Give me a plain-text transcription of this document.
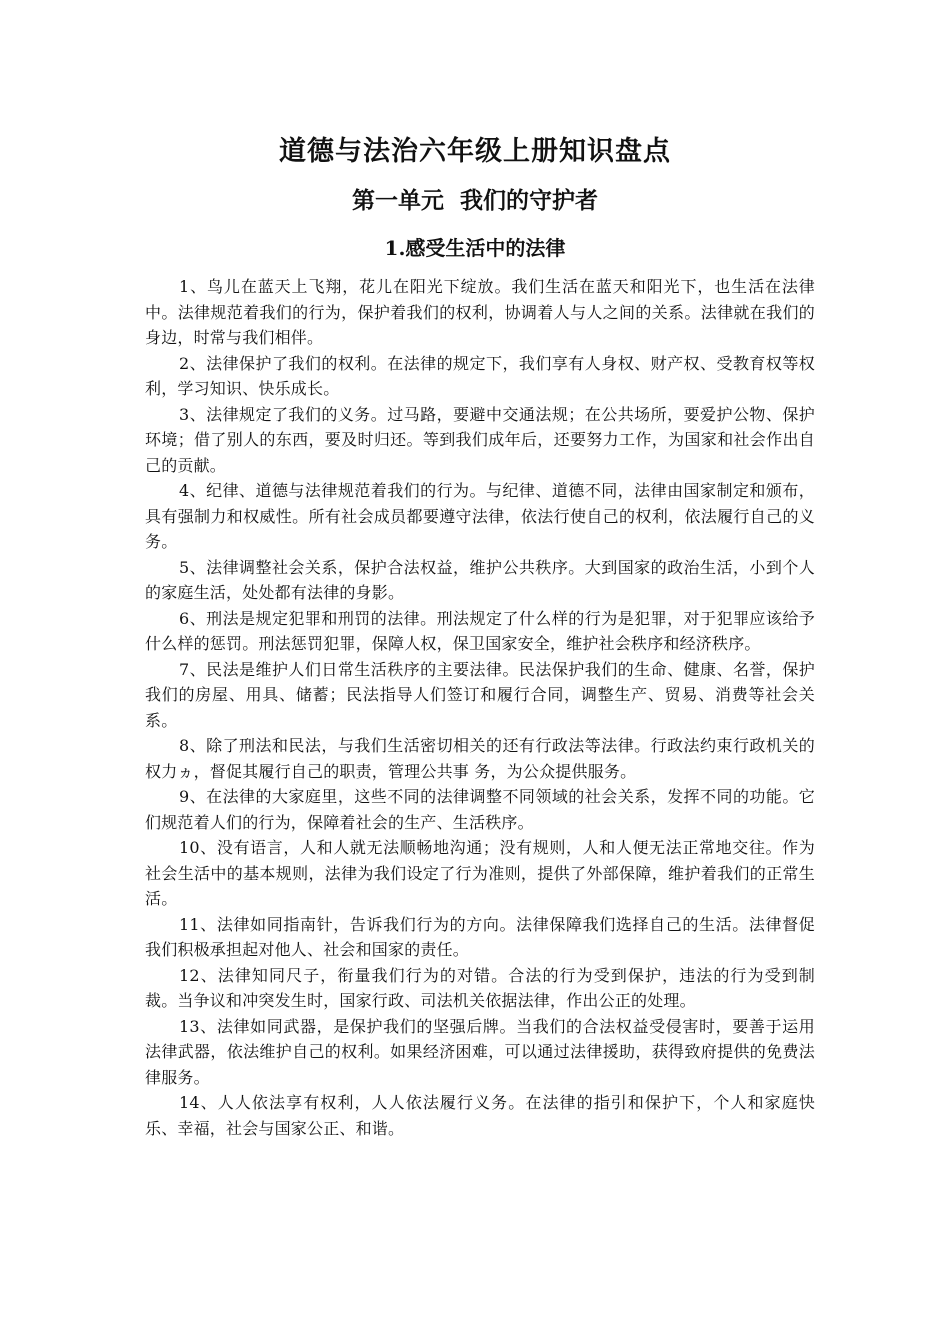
道德与法治六年级上册知识盘点
第一单元  我们的守护者
1.感受生活中的法律

1、鸟儿在蓝天上飞翔，花儿在阳光下绽放。我们生活在蓝天和阳光下，也生活在法律中。法律规范着我们的行为，保护着我们的权利，协调着人与人之间的关系。法律就在我们的身边，时常与我们相伴。

2、法律保护了我们的权利。在法律的规定下，我们享有人身权、财产权、受教育权等权利，学习知识、快乐成长。

3、法律规定了我们的义务。过马路，要避中交通法规；在公共场所，要爱护公物、保护环境；借了别人的东西，要及时归还。等到我们成年后，还要努力工作，为国家和社会作出自己的贡献。

4、纪律、道德与法律规范着我们的行为。与纪律、道德不同，法律由国家制定和颁布，具有强制力和权威性。所有社会成员都要遵守法律，依法行使自己的权利，依法履行自己的义务。

5、法律调整社会关系，保护合法权益，维护公共秩序。大到国家的政治生活，小到个人的家庭生活，处处都有法律的身影。

6、刑法是规定犯罪和刑罚的法律。刑法规定了什么样的行为是犯罪，对于犯罪应该给予什么样的惩罚。刑法惩罚犯罪，保障人权，保卫国家安全，维护社会秩序和经济秩序。

7、民法是维护人们日常生活秩序的主要法律。民法保护我们的生命、健康、名誉，保护我们的房屋、用具、储蓄；民法指导人们签订和履行合同，调整生产、贸易、消费等社会关系。

8、除了刑法和民法，与我们生活密切相关的还有行政法等法律。行政法约束行政机关的权力ヵ，督促其履行自己的职责，管理公共事 务，为公众提供服务。

9、在法律的大家庭里，这些不同的法律调整不同领域的社会关系，发挥不同的功能。它们规范着人们的行为，保障着社会的生产、生活秩序。

10、没有语言，人和人就无法顺畅地沟通；没有规则，人和人便无法正常地交往。作为社会生活中的基本规则，法律为我们设定了行为准则，提供了外部保障，维护着我们的正常生活。

11、法律如同指南针，告诉我们行为的方向。法律保障我们选择自己的生活。法律督促我们积极承担起对他人、社会和国家的责任。

12、法律知同尺子，衔量我们行为的对错。合法的行为受到保护，违法的行为受到制裁。当争议和冲突发生时，国家行政、司法机关依据法律，作出公正的处理。

13、法律如同武器，是保护我们的坚强后牌。当我们的合法权益受侵害时，要善于运用法律武器，依法维护自己的权利。如果经济困难，可以通过法律援助，获得致府提供的免费法律服务。

14、人人依法享有权利，人人依法履行义务。在法律的指引和保护下，个人和家庭快乐、幸福，社会与国家公正、和谐。
